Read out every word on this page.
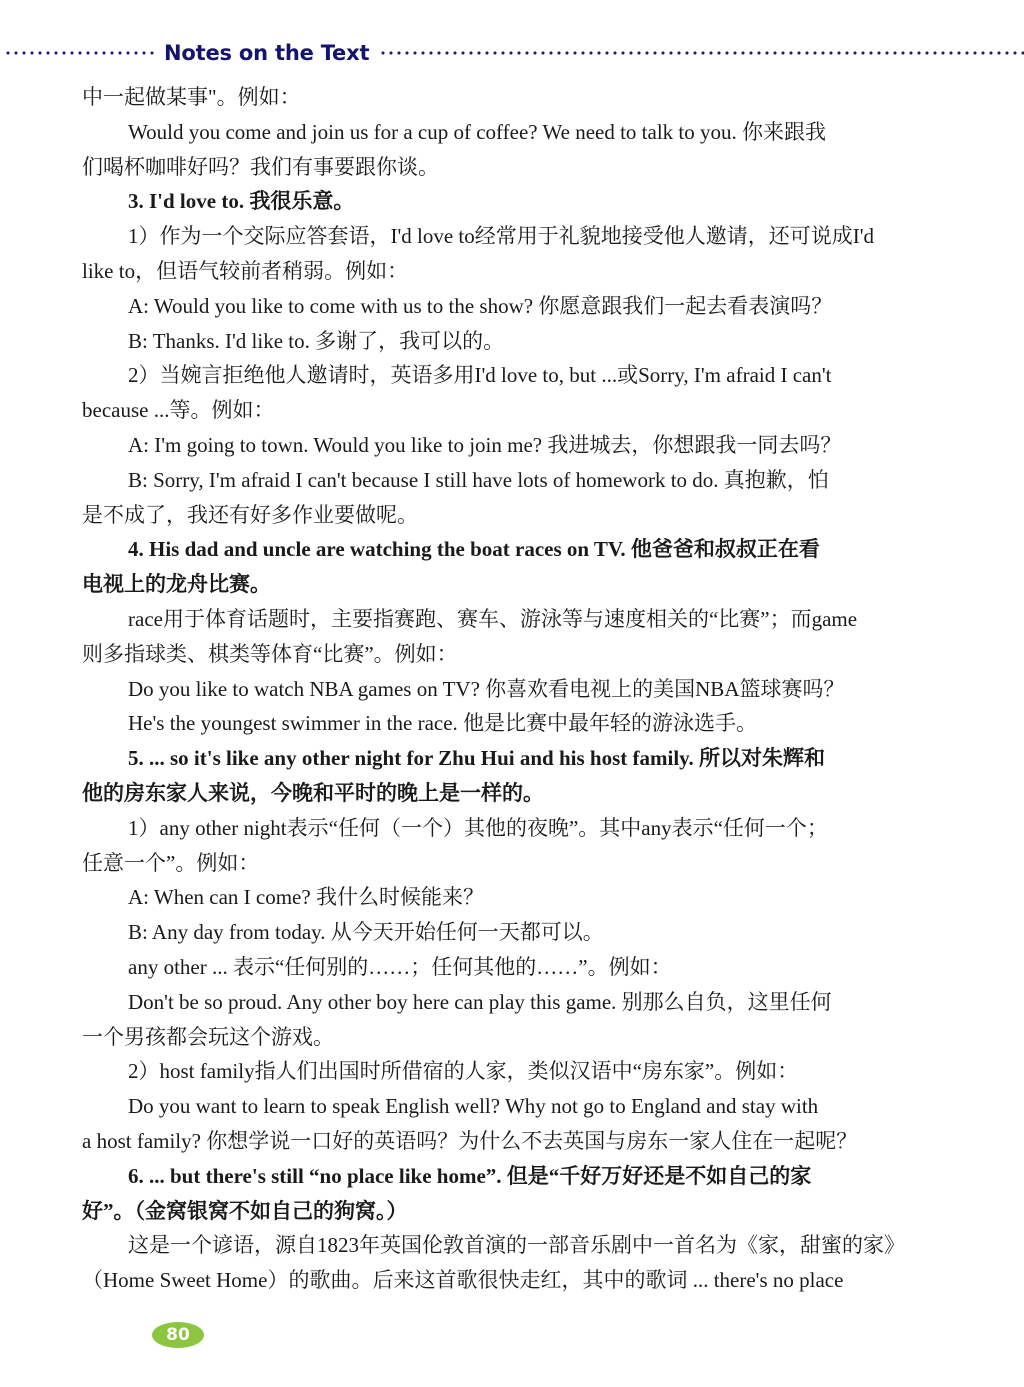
Notes on the Text
中一起做某事"。例如：
Would you come and join us for a cup of coffee? We need to talk to you. 你来跟我
们喝杯咖啡好吗？我们有事要跟你谈。
3. I'd love to. 我很乐意。
1）作为一个交际应答套语，I'd love to经常用于礼貌地接受他人邀请，还可说成I'd
like to，但语气较前者稍弱。例如：
A: Would you like to come with us to the show? 你愿意跟我们一起去看表演吗？
B: Thanks. I'd like to. 多谢了，我可以的。
2）当婉言拒绝他人邀请时，英语多用I'd love to, but ...或Sorry, I'm afraid I can't
because ...等。例如：
A: I'm going to town. Would you like to join me? 我进城去，你想跟我一同去吗？
B: Sorry, I'm afraid I can't because I still have lots of homework to do. 真抱歉，怕
是不成了，我还有好多作业要做呢。
4. His dad and uncle are watching the boat races on TV. 他爸爸和叔叔正在看
电视上的龙舟比赛。
race用于体育话题时，主要指赛跑、赛车、游泳等与速度相关的“比赛”；而game
则多指球类、棋类等体育“比赛”。例如：
Do you like to watch NBA games on TV? 你喜欢看电视上的美国NBA篮球赛吗？
He's the youngest swimmer in the race. 他是比赛中最年轻的游泳选手。
5. ... so it's like any other night for Zhu Hui and his host family. 所以对朱辉和
他的房东家人来说，今晚和平时的晚上是一样的。
1）any other night表示“任何（一个）其他的夜晚”。其中any表示“任何一个；
任意一个”。例如：
A: When can I come? 我什么时候能来？
B: Any day from today. 从今天开始任何一天都可以。
any other ... 表示“任何别的……；任何其他的……”。例如：
Don't be so proud. Any other boy here can play this game. 别那么自负，这里任何
一个男孩都会玩这个游戏。
2）host family指人们出国时所借宿的人家，类似汉语中“房东家”。例如：
Do you want to learn to speak English well? Why not go to England and stay with
a host family? 你想学说一口好的英语吗？为什么不去英国与房东一家人住在一起呢？
6. ... but there's still “no place like home”. 但是“千好万好还是不如自己的家
好”。（金窝银窝不如自己的狗窝。）
这是一个谚语，源自1823年英国伦敦首演的一部音乐剧中一首名为《家，甜蜜的家》
（Home Sweet Home）的歌曲。后来这首歌很快走红，其中的歌词 ... there's no place
80
